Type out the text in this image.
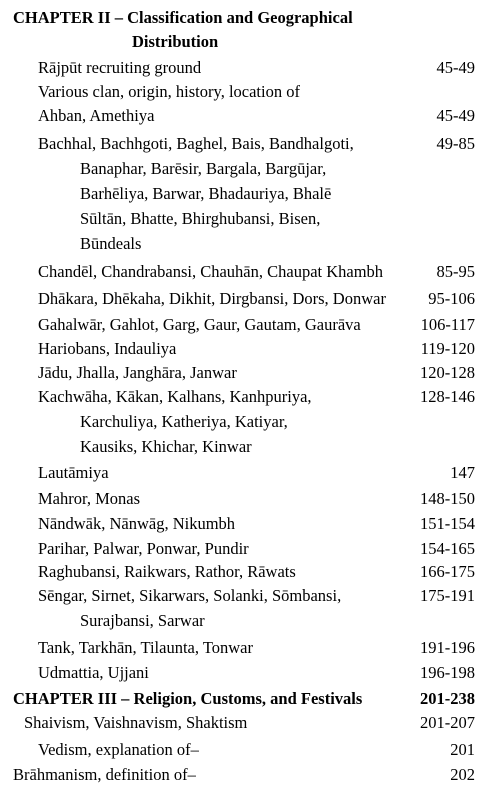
CHAPTER II – Classification and Geographical
Distribution
Rājpūt recruiting ground	45-49
Various clan, origin, history, location of
Ahban, Amethiya	45-49
Bachhal, Bachhgoti, Baghel, Bais, Bandhalgoti,	49-85
Banaphar, Barēsir, Bargala, Bargūjar,
Barhēliya, Barwar, Bhadauriya, Bhalē
Sūltān, Bhatte, Bhirghubansi, Bisen,
Būndeals
Chandēl, Chandrabansi, Chauhān, Chaupat Khambh	85-95
Dhākara, Dhēkaha, Dikhit, Dirgbansi, Dors, Donwar	95-106
Gahalwār, Gahlot, Garg, Gaur, Gautam, Gaurāva	106-117
Hariobans, Indauliya	119-120
Jādu, Jhalla, Janghāra, Janwar	120-128
Kachwāha, Kākan, Kalhans, Kanhpuriya,	128-146
Karchuliya, Katheriya, Katiyar,
Kausiks, Khichar, Kinwar
Lautāmiya	147
Mahror, Monas	148-150
Nāndwāk, Nānwāg, Nikumbh	151-154
Parihar, Palwar, Ponwar, Pundir	154-165
Raghubansi, Raikwars, Rathor, Rāwats	166-175
Sēngar, Sirnet, Sikarwars, Solanki, Sōmbansi,	175-191
Surajbansi, Sarwar
Tank, Tarkhān, Tilaunta, Tonwar	191-196
Udmattia, Ujjani	196-198
CHAPTER III – Religion, Customs, and Festivals	201-238
Shaivism, Vaishnavism, Shaktism	201-207
Vedism, explanation of–	201
Brāhmanism, definition of–	202
